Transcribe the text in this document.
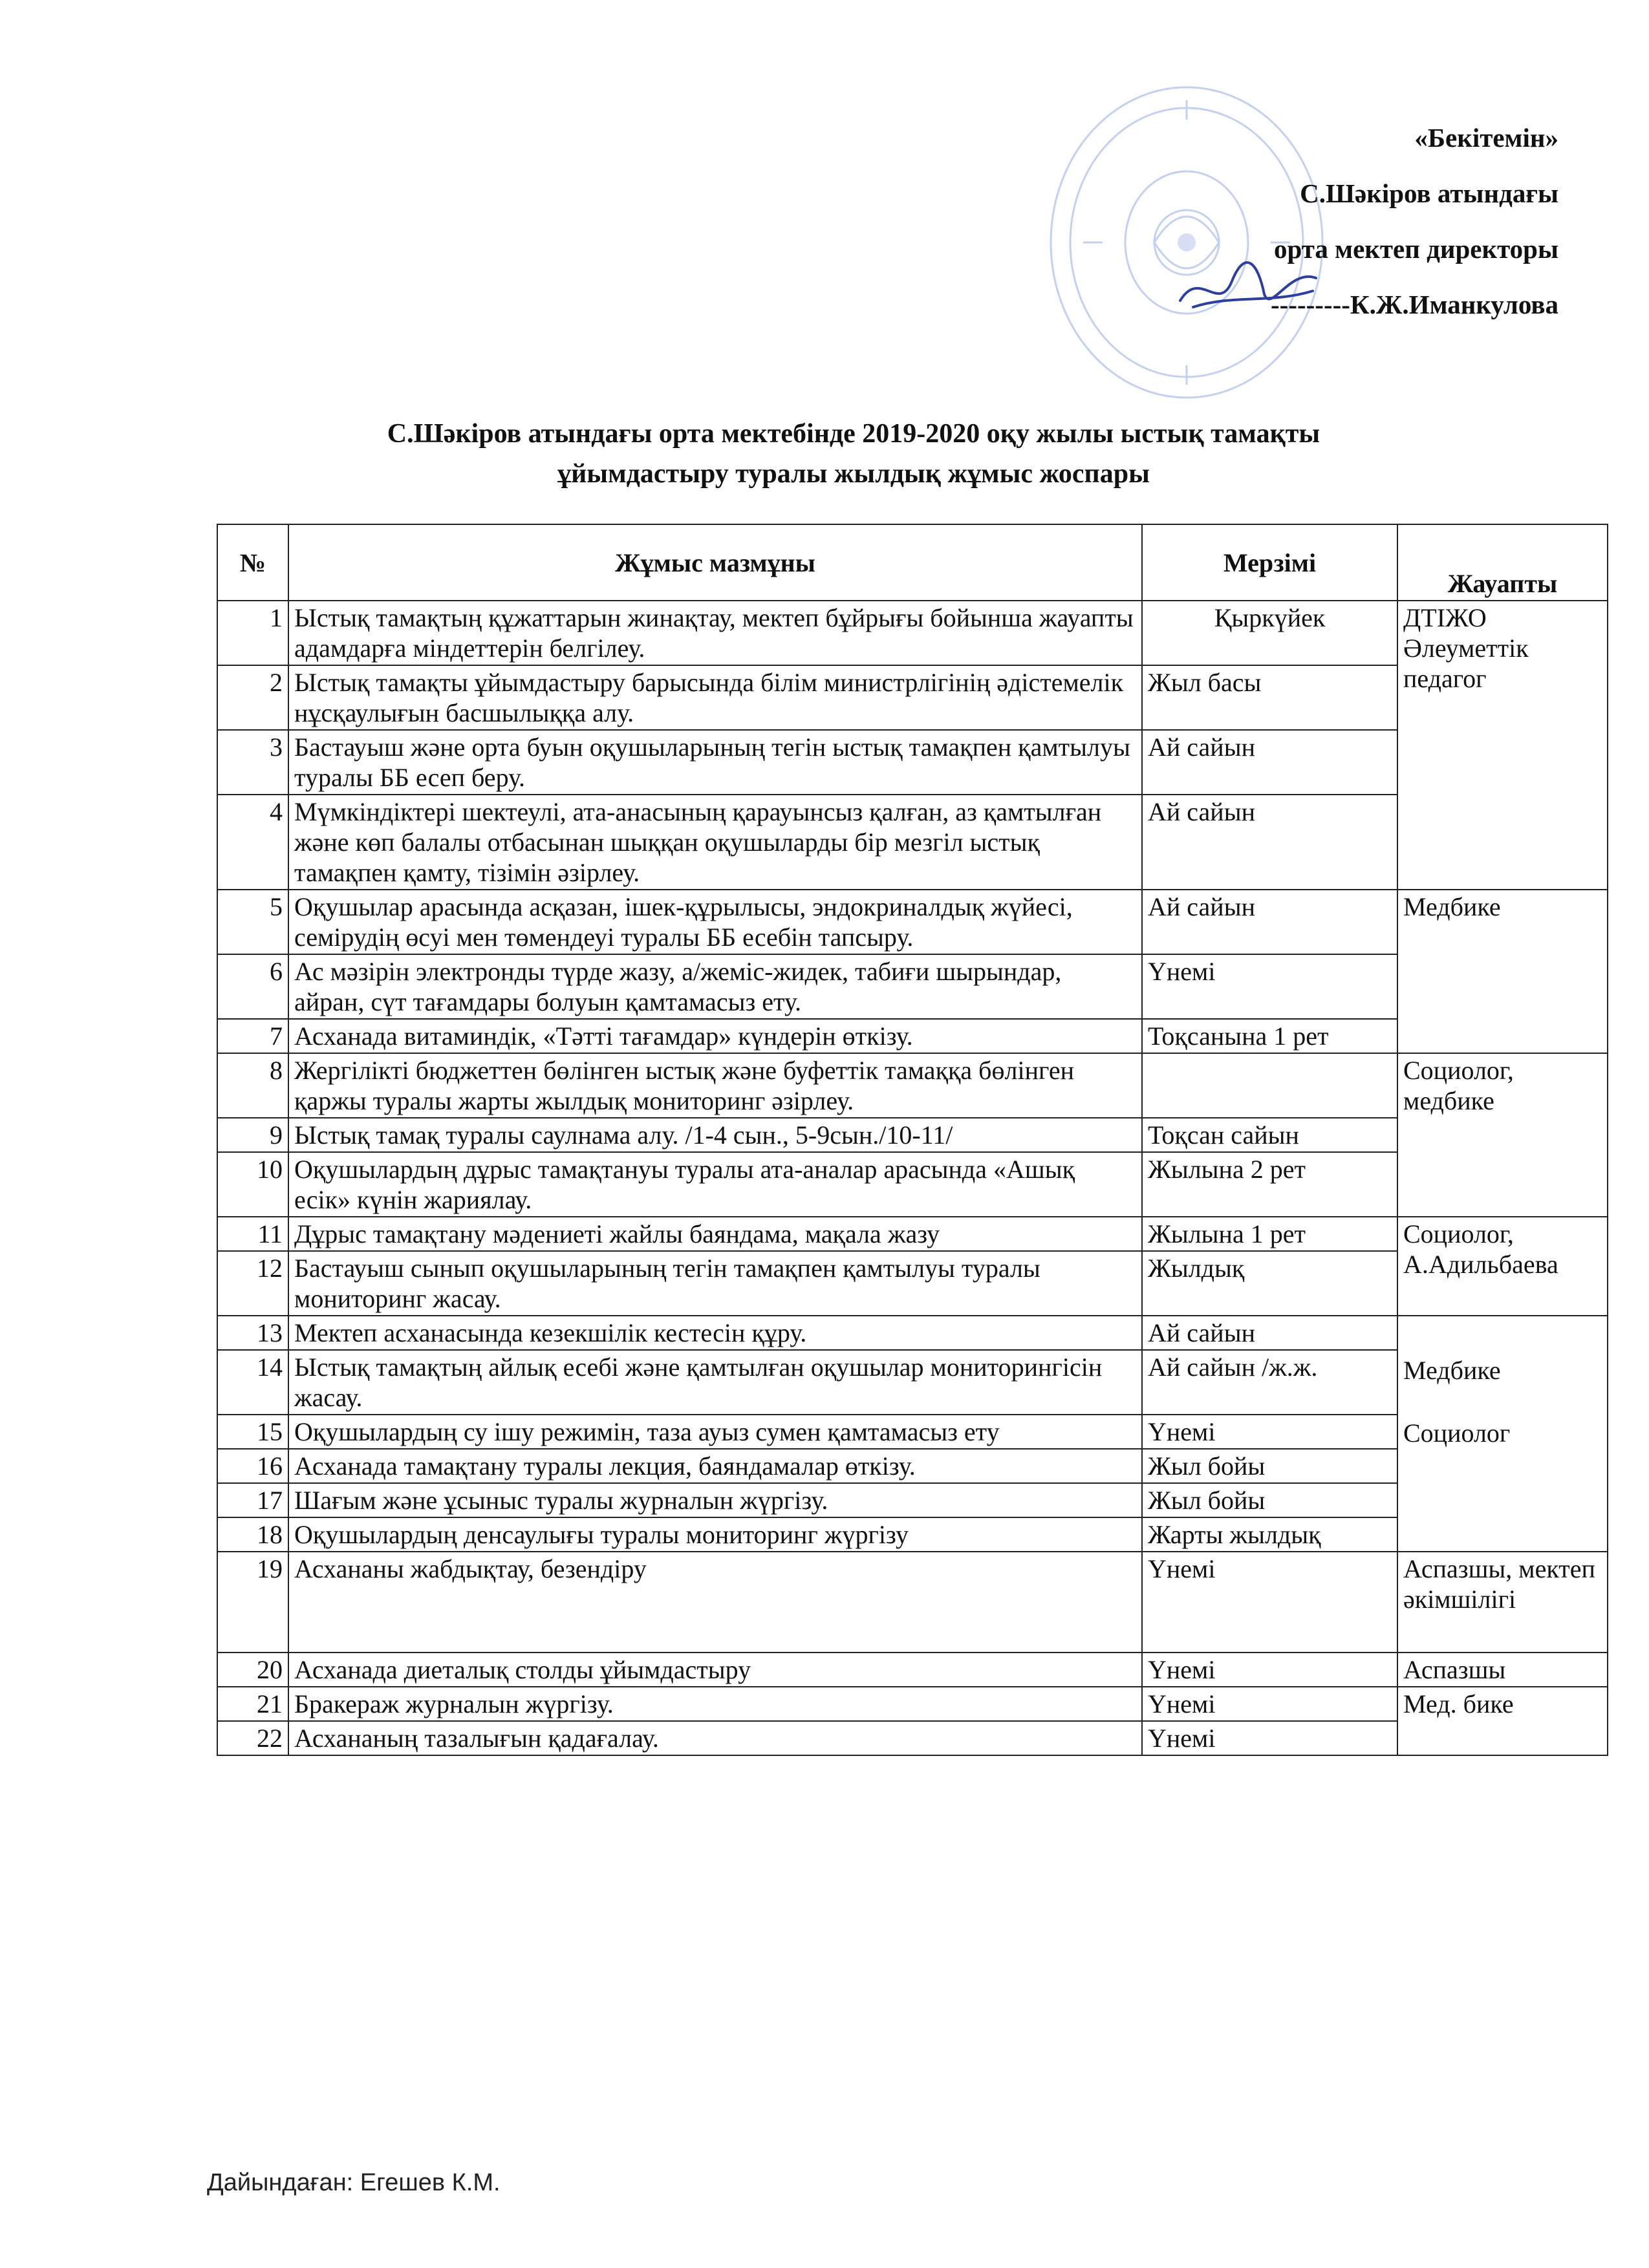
«Бекітемін»
С.Шәкіров атындағы
орта мектеп директоры
---------К.Ж.Иманкулова
С.Шәкіров атындағы орта мектебінде 2019-2020 оқу жылы ыстық тамақты
ұйымдастыру туралы жылдық жұмыс жоспары
№	Жұмыс мазмұны	Мерзімі	Жауапты
1	Ыстық тамақтың құжаттарын жинақтау, мектеп бұйрығы бойынша жауапты адамдарға міндеттерін белгілеу.	Қыркүйек	ДТІЖО Әлеуметтік педагог
2	Ыстық тамақты ұйымдастыру барысында білім министрлігінің әдістемелік нұсқаулығын басшылыққа алу.	Жыл басы	
3	Бастауыш және орта буын оқушыларының тегін ыстық тамақпен қамтылуы туралы ББ есеп беру.	Ай сайын	
4	Мүмкіндіктері шектеулі, ата-анасының қарауынсыз қалған, аз қамтылған және көп балалы отбасынан шыққан оқушыларды бір мезгіл ыстық тамақпен қамту, тізімін әзірлеу.	Ай сайын	
5	Оқушылар арасында асқазан, ішек-құрылысы, эндокриналдық жүйесі, семірудің өсуі мен төмендеуі туралы ББ есебін тапсыру.	Ай сайын	Медбике
6	Ас мәзірін электронды түрде жазу, а/жеміс-жидек, табиғи шырындар, айран, сүт тағамдары болуын қамтамасыз ету.	Үнемі	
7	Асханада витаминдік, «Тәтті тағамдар» күндерін өткізу.	Тоқсанына 1 рет	
8	Жергілікті бюджеттен бөлінген ыстық және буфеттік тамаққа бөлінген қаржы туралы жарты жылдық мониторинг әзірлеу.		Социолог, медбике
9	Ыстық тамақ туралы саулнама алу. /1-4 сын., 5-9сын./10-11/	Тоқсан сайын	
10	Оқушылардың дұрыс тамақтануы туралы ата-аналар арасында «Ашық есік» күнін жариялау.	Жылына 2 рет	
11	Дұрыс тамақтану мәдениеті жайлы баяндама, мақала жазу	Жылына 1 рет	Социолог, А.Адильбаева
12	Бастауыш сынып оқушыларының тегін тамақпен қамтылуы туралы мониторинг жасау.	Жылдық	
13	Мектеп асханасында кезекшілік кестесін құру.	Ай сайын	Медбике
Социолог

14	Ыстық тамақтың айлық есебі және қамтылған оқушылар мониторингісін жасау.	Ай сайын /ж.ж.	
15	Оқушылардың су ішу режимін, таза ауыз сумен қамтамасыз ету	Үнемі	
16	Асханада тамақтану туралы лекция, баяндамалар өткізу.	Жыл бойы	
17	Шағым және ұсыныс туралы журналын жүргізу.	Жыл бойы	
18	Оқушылардың денсаулығы туралы мониторинг жүргізу	Жарты жылдық	
19	Асхананы жабдықтау, безендіру	Үнемі	Аспазшы, мектеп әкімшілігі
20	Асханада диеталық столды ұйымдастыру	Үнемі	Аспазшы
21	Бракераж журналын жүргізу.	Үнемі	Мед. бике
22	Асхананың тазалығын қадағалау.	Үнемі	
Дайындаған: Егешев К.М.
